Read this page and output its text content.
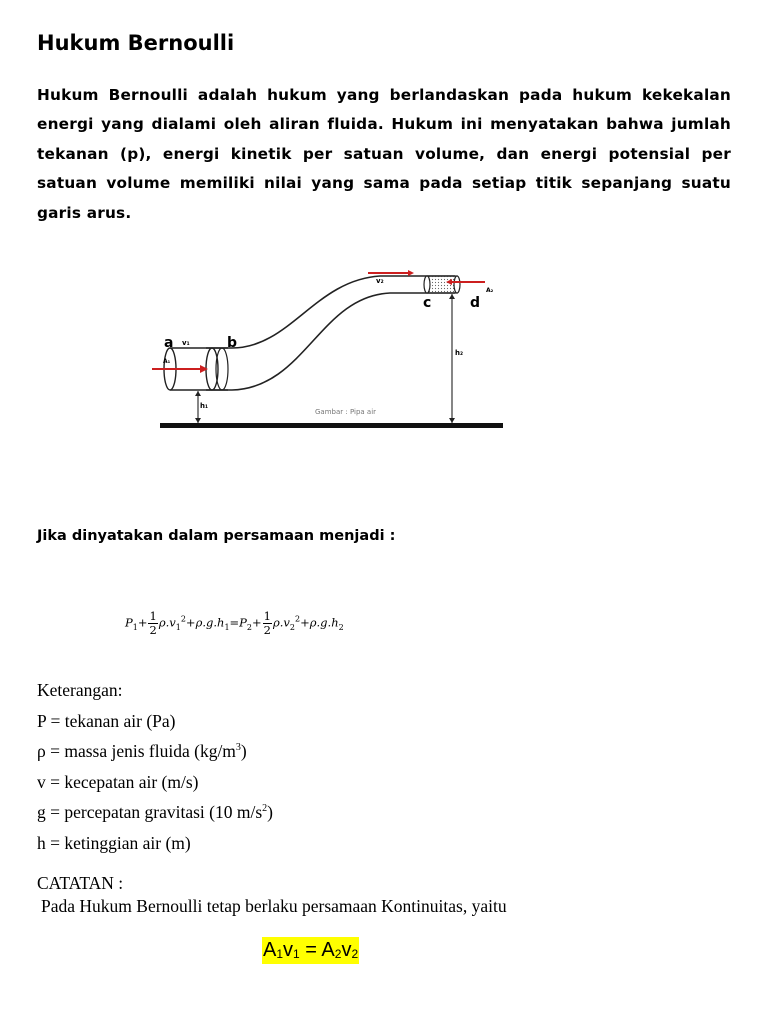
Hukum Bernoulli
Hukum Bernoulli adalah hukum yang berlandaskan pada hukum kekekalan energi yang dialami oleh aliran fluida. Hukum ini menyatakan bahwa jumlah tekanan (p), energi kinetik per satuan volume, dan energi potensial per satuan volume memiliki nilai yang sama pada setiap titik sepanjang suatu garis arus.
a v₁
A₁
b
v₂
c	d
A₂
h₁
h₂
Gambar : Pipa air
Jika dinyatakan dalam persamaan menjadi :
$P_1+ \frac{1}{2} \rho.v_1^2+\rho.g.h_1=P_2+ \frac{1}{2} \rho.v_2^2+\rho.g.h_2$
Keterangan:
P = tekanan air (Pa)
ρ = massa jenis fluida $(kg/m^3)$
v = kecepatan air (m/s)
g = percepatan gravitasi (10 $m/s^2$)
h = ketinggian air (m)
CATATAN :
Pada Hukum Bernoulli tetap berlaku persamaan Kontinuitas, yaitu
$A_1v_1 = A_2v_2$
